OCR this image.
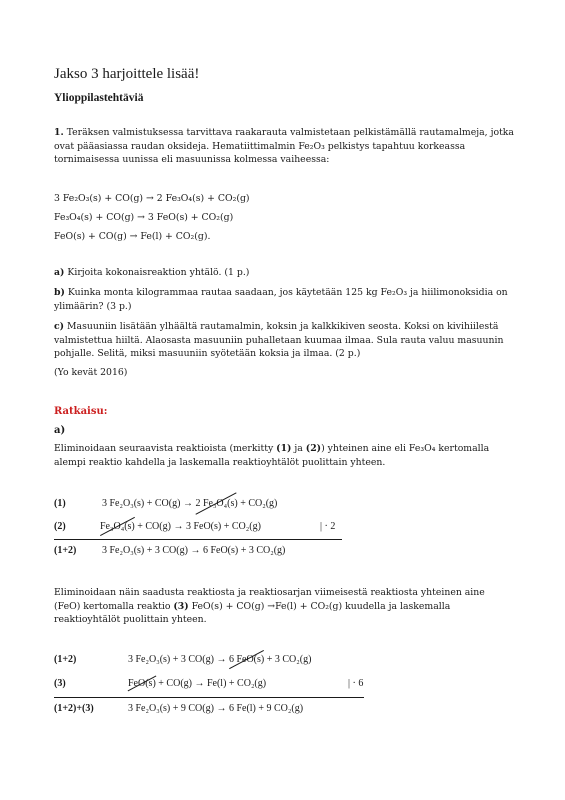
Jakso 3 harjoittele lisää!
Ylioppilastehtäviä
1. Teräksen valmistuksessa tarvittava raakarauta valmistetaan pelkistämällä rautamalmeja, jotka ovat pääasiassa raudan oksideja. Hematiittimalmin Fe₂O₃ pelkistys tapahtuu korkeassa tornimaisessa uunissa eli masuunissa kolmessa vaiheessa:
3 Fe₂O₃(s) + CO(g) → 2 Fe₃O₄(s) + CO₂(g)
Fe₃O₄(s) + CO(g) → 3 FeO(s) + CO₂(g)
FeO(s) + CO(g) → Fe(l) + CO₂(g).
a) Kirjoita kokonaisreaktion yhtälö. (1 p.)
b) Kuinka monta kilogrammaa rautaa saadaan, jos käytetään 125 kg Fe₂O₃ ja hiilimonoksidia on ylimäärin? (3 p.)
c) Masuuniin lisätään ylhäältä rautamalmin, koksin ja kalkkikiven seosta. Koksi on kivihiilestä valmistettua hiiltä. Alaosasta masuuniin puhalletaan kuumaa ilmaa. Sula rauta valuu masuunin pohjalle. Selitä, miksi masuuniin syötetään koksia ja ilmaa. (2 p.)
(Yo kevät 2016)
Ratkaisu:
a)
Eliminoidaan seuraavista reaktioista (merkitty (1) ja (2)) yhteinen aine eli Fe₃O₄ kertomalla alempi reaktio kahdella ja laskemalla reaktioyhtälöt puolittain yhteen.
(1)	3 Fe₂O₃(s) + CO(g) → 2 Fe₃O₄(s) + CO₂(g)
(2)	Fe₃O₄(s) + CO(g) → 3 FeO(s) + CO₂(g)	| · 2
(1+2)	3 Fe₂O₃(s) + 3 CO(g) → 6 FeO(s) + 3 CO₂(g)
Eliminoidaan näin saadusta reaktiosta ja reaktiosarjan viimeisestä reaktiosta yhteinen aine (FeO) kertomalla reaktio (3) FeO(s) + CO(g) →Fe(l) + CO₂(g) kuudella ja laskemalla reaktioyhtälöt puolittain yhteen.
(1+2)	3 Fe₂O₃(s) + 3 CO(g) → 6 FeO(s) + 3 CO₂(g)
(3)	FeO(s) + CO(g) → Fe(l) + CO₂(g)	| · 6
(1+2)+(3)	3 Fe₂O₃(s) + 9 CO(g) → 6 Fe(l) + 9 CO₂(g)
